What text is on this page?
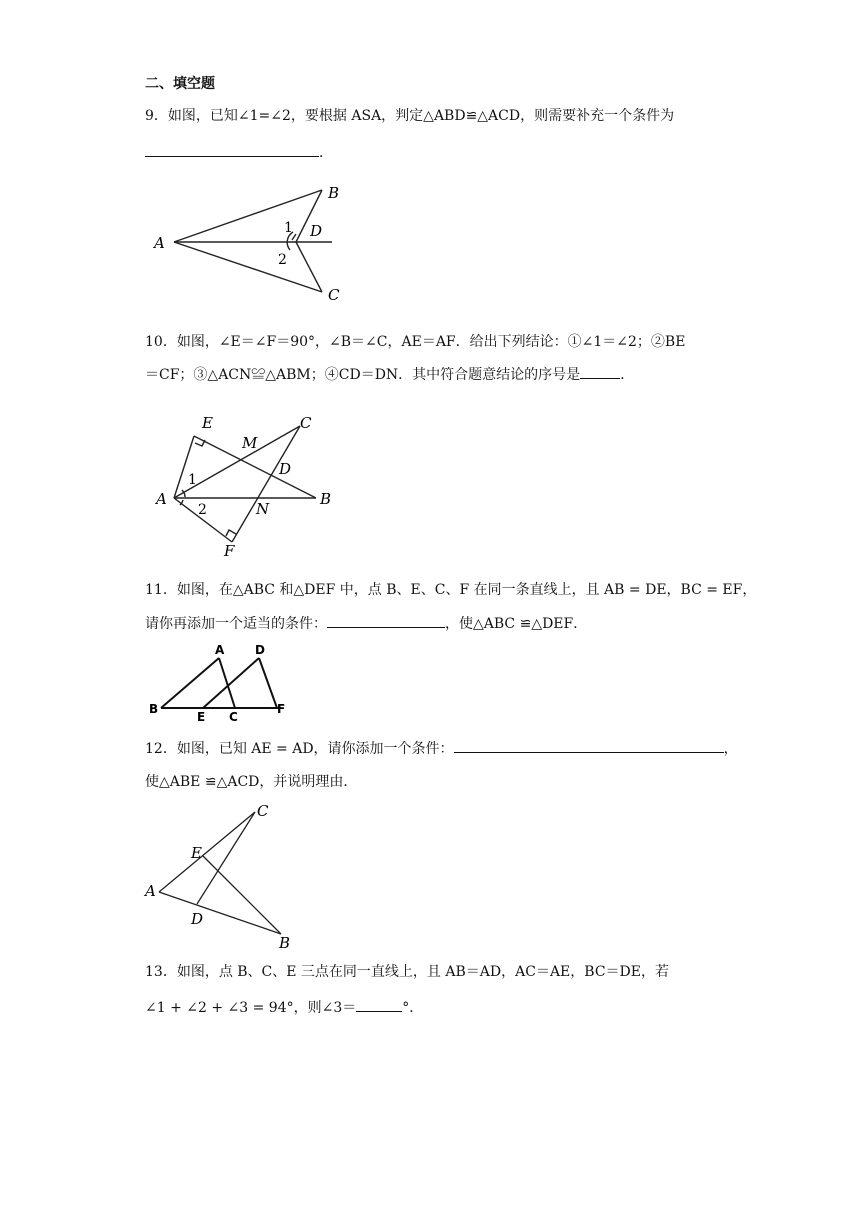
二、填空题
9．如图，已知∠1=∠2，要根据 ASA，判定△ABD≌△ACD，则需要补充一个条件为
．
A
B
C
D
1
2
10．如图，∠E＝∠F＝90°，∠B＝∠C，AE＝AF．给出下列结论：①∠1＝∠2；②BE
＝CF；③△ACN≌△ABM；④CD＝DN．其中符合题意结论的序号是	．
A	B
C
D
E
F
M
N
1
2
11．如图，在△ABC 和△DEF 中，点 B、E、C、F 在同一条直线上，且 AB = DE，BC = EF，
请你再添加一个适当的条件：	，使△ABC ≌△DEF．
A
B
C
D
E
F
12．如图，已知 AE = AD，请你添加一个条件：	，
使△ABE ≌△ACD，并说明理由．
A
B
C
D
E
13．如图，点 B、C、E 三点在同一直线上，且 AB＝AD，AC＝AE，BC＝DE，若
∠1 + ∠2 + ∠3 = 94°，则∠3＝	°．
